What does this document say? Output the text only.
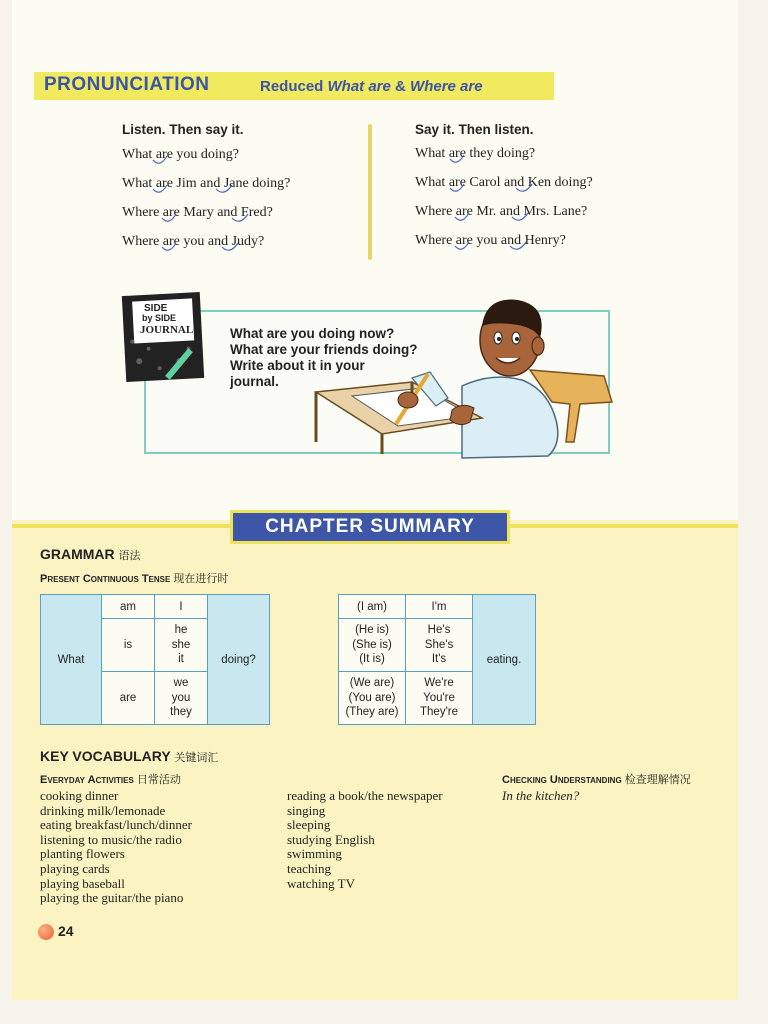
PRONUNCIATION	Reduced What are & Where are
Listen. Then say it.
What are you doing?
What are Jim and Jane doing?
Where are Mary and Fred?
Where are you and Judy?
Say it. Then listen.
What are they doing?
What are Carol and Ken doing?
Where are Mr. and Mrs. Lane?
Where are you and Henry?
SIDE
by SIDE
JOURNAL	What are you doing now?
What are your friends doing?
Write about it in your
journal.
CHAPTER SUMMARY
GRAMMAR 语法
Present Continuous Tense 现在进行时
What	am	I	doing?
	is	he
she
it	

	are	we
you
they	
(I am)	I'm	eating.

(He is)
(She is)
(It is)	He's
She's
It's	

(We are)
(You are)
(They are)	We're
You're
They're	
KEY VOCABULARY 关键词汇
Everyday Activities 日常活动
cooking dinner
drinking milk/lemonade
eating breakfast/lunch/dinner
listening to music/the radio
planting flowers
playing cards
playing baseball
playing the guitar/the piano
reading a book/the newspaper
singing
sleeping
studying English
swimming
teaching
watching TV
Checking Understanding 检查理解情况
In the kitchen?
24
